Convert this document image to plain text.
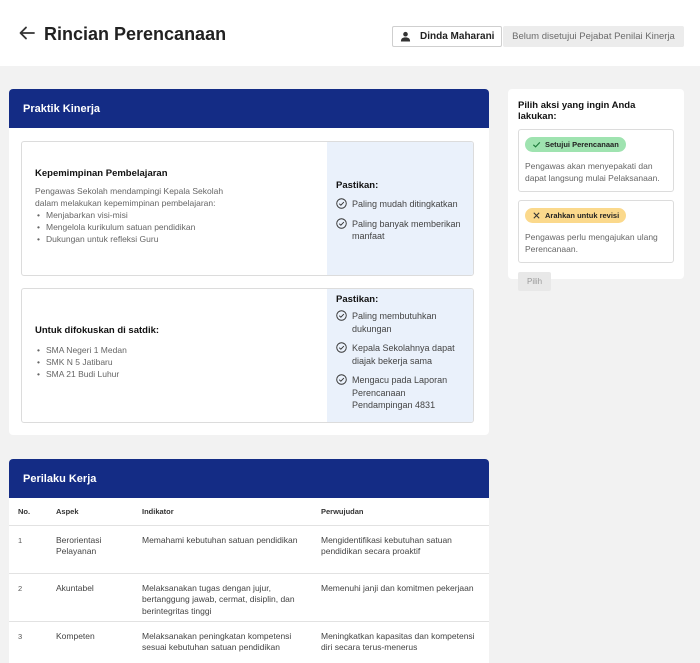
Rincian Perencanaan	Dinda Maharani	Belum disetujui Pejabat Penilai Kinerja
Praktik Kinerja
Kepemimpinan Pembelajaran
Pengawas Sekolah mendampingi Kepala Sekolah dalam melakukan kepemimpinan pembelajaran:
• Menjabarkan visi-misi
• Mengelola kurikulum satuan pendidikan
• Dukungan untuk refleksi Guru
Pastikan:
Paling mudah ditingkatkan
Paling banyak memberikan manfaat
Untuk difokuskan di satdik:
• SMA Negeri 1 Medan
• SMK N 5 Jatibaru
• SMA 21 Budi Luhur
Pastikan:
Paling membutuhkan dukungan
Kepala Sekolahnya dapat diajak bekerja sama
Mengacu pada Laporan Perencanaan Pendampingan 4831
Perilaku Kerja
No.	Aspek	Indikator	Perwujudan
1	Berorientasi Pelayanan	Memahami kebutuhan satuan pendidikan	Mengidentifikasi kebutuhan satuan pendidikan secara proaktif
2	Akuntabel	Melaksanakan tugas dengan jujur, bertanggung jawab, cermat, disiplin, dan berintegritas tinggi	Memenuhi janji dan komitmen pekerjaan
3	Kompeten	Melaksanakan peningkatan kompetensi sesuai kebutuhan satuan pendidikan	Meningkatkan kapasitas dan kompetensi diri secara terus-menerus
Pilih aksi yang ingin Anda lakukan:
Setujui Perencanaan

Pengawas akan menyepakati dan dapat langsung mulai Pelaksanaan.

Arahkan untuk revisi

Pengawas perlu mengajukan ulang Perencanaan.

Pilih
